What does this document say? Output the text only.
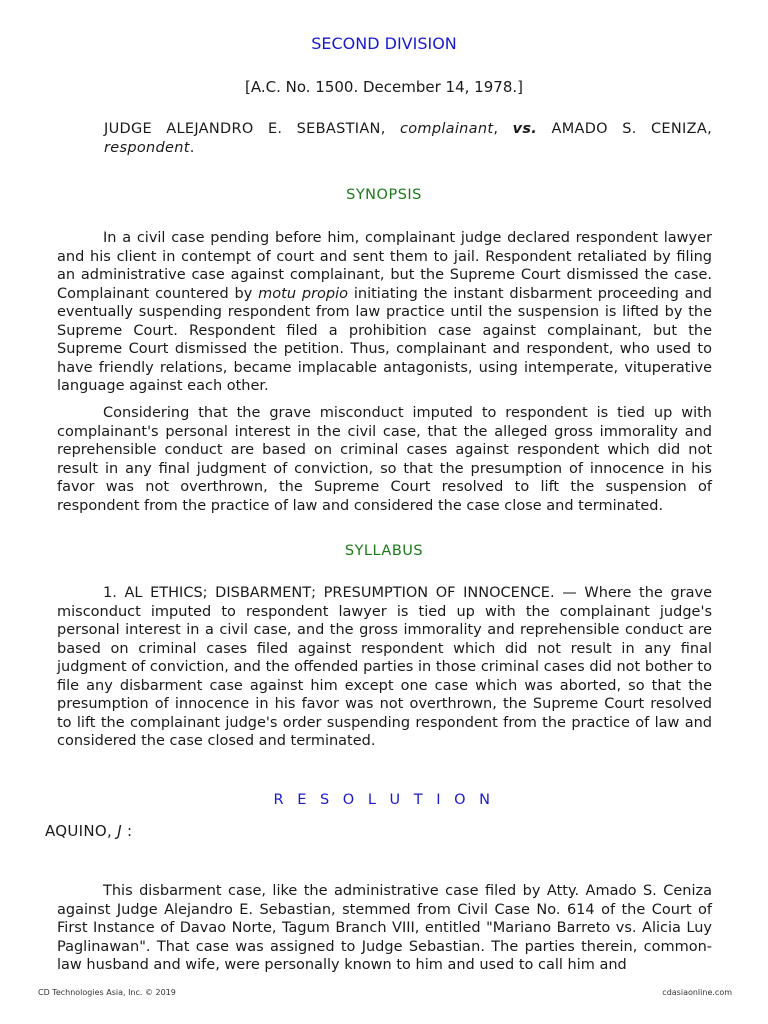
SECOND DIVISION
[A.C. No. 1500. December 14, 1978.]
JUDGE ALEJANDRO E. SEBASTIAN, complainant, vs. AMADO S. CENIZA, respondent.
SYNOPSIS
In a civil case pending before him, complainant judge declared respondent lawyer and his client in contempt of court and sent them to jail. Respondent retaliated by filing an administrative case against complainant, but the Supreme Court dismissed the case. Complainant countered by motu propio initiating the instant disbarment proceeding and eventually suspending respondent from law practice until the suspension is lifted by the Supreme Court. Respondent filed a prohibition case against complainant, but the Supreme Court dismissed the petition. Thus, complainant and respondent, who used to have friendly relations, became implacable antagonists, using intemperate, vituperative language against each other.
Considering that the grave misconduct imputed to respondent is tied up with complainant's personal interest in the civil case, that the alleged gross immorality and reprehensible conduct are based on criminal cases against respondent which did not result in any final judgment of conviction, so that the presumption of innocence in his favor was not overthrown, the Supreme Court resolved to lift the suspension of respondent from the practice of law and considered the case close and terminated.
SYLLABUS
1. AL ETHICS; DISBARMENT; PRESUMPTION OF INNOCENCE. — Where the grave misconduct imputed to respondent lawyer is tied up with the complainant judge's personal interest in a civil case, and the gross immorality and reprehensible conduct are based on criminal cases filed against respondent which did not result in any final judgment of conviction, and the offended parties in those criminal cases did not bother to file any disbarment case against him except one case which was aborted, so that the presumption of innocence in his favor was not overthrown, the Supreme Court resolved to lift the complainant judge's order suspending respondent from the practice of law and considered the case closed and terminated.
R E S O L U T I O N
AQUINO, J :
This disbarment case, like the administrative case filed by Atty. Amado S. Ceniza against Judge Alejandro E. Sebastian, stemmed from Civil Case No. 614 of the Court of First Instance of Davao Norte, Tagum Branch VIII, entitled "Mariano Barreto vs. Alicia Luy Paglinawan". That case was assigned to Judge Sebastian. The parties therein, common-law husband and wife, were personally known to him and used to call him and
CD Technologies Asia, Inc. © 2019	cdasiaonline.com
